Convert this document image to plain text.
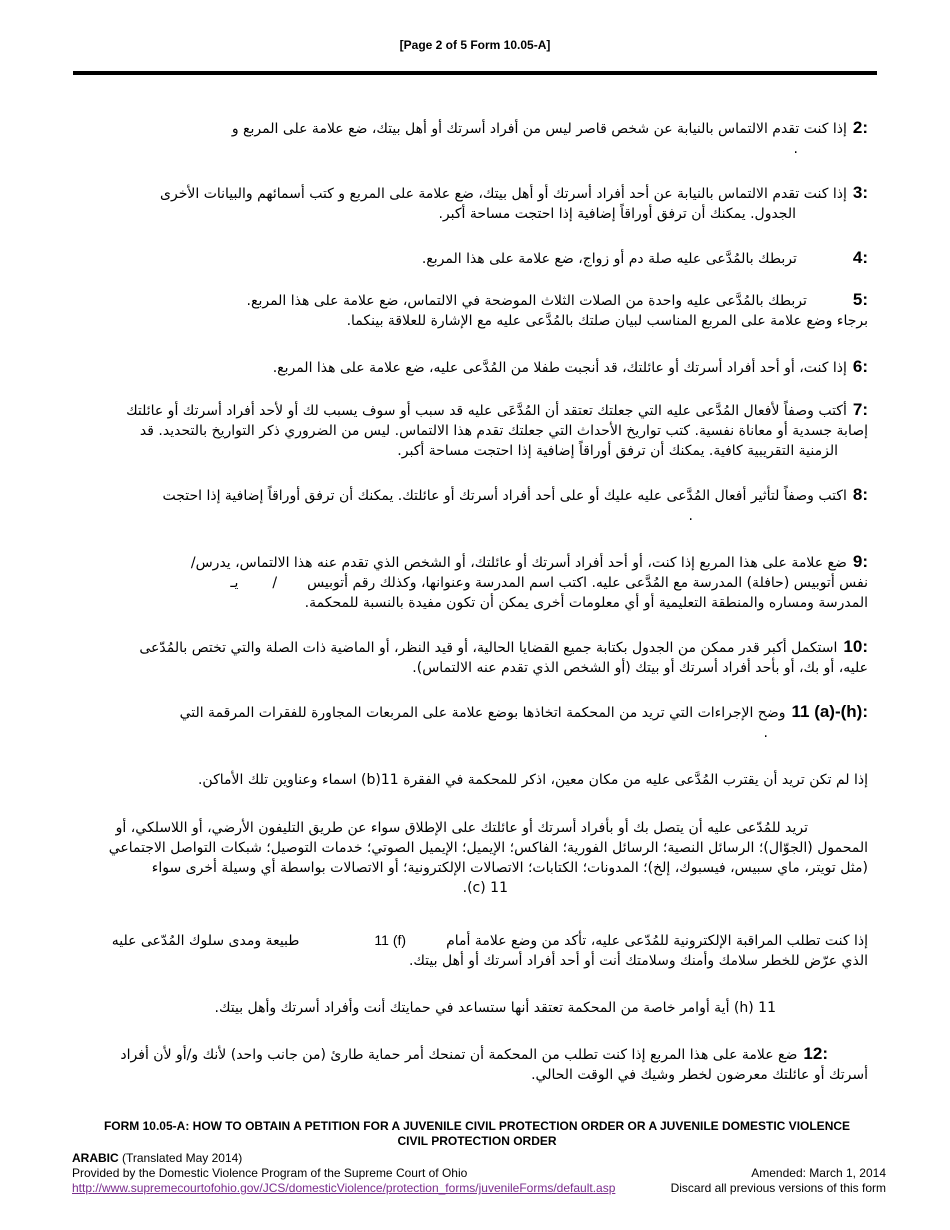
[Page 2 of 5 Form 10.05-A]
:2إذا كنت تقدم الالتماس بالنيابة عن شخص قاصر ليس من أفراد أسرتك أو أهل بيتك، ضع علامة على المربع و
.
:3إذا كنت تقدم الالتماس بالنيابة عن أحد أفراد أسرتك أو أهل بيتك، ضع علامة على المربع و كتب أسمائهم والبيانات الأخرى
الجدول. يمكنك أن ترفق أوراقاً إضافية إذا احتجت مساحة أكبر.
:4تربطك بالمُدَّعى عليه صلة دم أو زواج، ضع علامة على هذا المربع.
:5تربطك بالمُدَّعى عليه واحدة من الصلات الثلاث الموضحة في الالتماس، ضع علامة على هذا المربع.
برجاء وضع علامة على المربع المناسب لبيان صلتك بالمُدَّعى عليه مع الإشارة للعلاقة بينكما.
:6إذا كنت، أو أحد أفراد أسرتك أو عائلتك، قد أنجبت طفلا من المُدَّعى عليه، ضع علامة على هذا المربع.
:7أكتب وصفاً لأفعال المُدَّعى عليه التي جعلتك تعتقد أن المُدَّعَى عليه قد سبب أو سوف يسبب لك أو لأحد أفراد أسرتك أو عائلتك
إصابة جسدية أو معاناة نفسية. كتب تواريخ الأحداث التي جعلتك تقدم هذا الالتماس. ليس من الضروري ذكر التواريخ بالتحديد. قد
الزمنية التقريبية كافية. يمكنك أن ترفق أوراقاً إضافية إذا احتجت مساحة أكبر.
:8اكتب وصفاً لتأثير أفعال المُدَّعى عليه عليك أو على أحد أفراد أسرتك أو عائلتك. يمكنك أن ترفق أوراقاً إضافية إذا احتجت
.
:9ضع علامة على هذا المربع إذا كنت، أو أحد أفراد أسرتك أو عائلتك، أو الشخص الذي تقدم عنه هذا الالتماس، يدرس/
نفس أتوبيس (حافلة) المدرسة مع المُدَّعى عليه. اكتب اسم المدرسة وعنوانها، وكذلك رقم أتوبيس/يـ
المدرسة ومساره والمنطقة التعليمية أو أي معلومات أخرى يمكن أن تكون مفيدة بالنسبة للمحكمة.
:10استكمل أكبر قدر ممكن من الجدول بكتابة جميع القضايا الحالية، أو قيد النظر، أو الماضية ذات الصلة والتي تختص بالمُدّعى
عليه، أو بك، أو بأحد أفراد أسرتك أو بيتك (أو الشخص الذي تقدم عنه الالتماس).
11 (a)-(h):وضح الإجراءات التي تريد من المحكمة اتخاذها بوضع علامة على المربعات المجاورة للفقرات المرقمة التي
.
إذا لم تكن تريد أن يقترب المُدَّعى عليه من مكان معين، اذكر للمحكمة في الفقرة 11(b) اسماء وعناوين تلك الأماكن.
تريد للمُدّعى عليه أن يتصل بك أو بأفراد أسرتك أو عائلتك على الإطلاق سواء عن طريق التليفون الأرضي، أو اللاسلكي، أو
المحمول (الجوّال)؛ الرسائل النصية؛ الرسائل الفورية؛ الفاكس؛ الإيميل؛ الإيميل الصوتي؛ خدمات التوصيل؛ شبكات التواصل الاجتماعي
(مثل تويتر، ماي سبيس، فيسبوك، إلخ)؛ المدونات؛ الكتابات؛ الاتصالات الإلكترونية؛ أو الاتصالات بواسطة أي وسيلة أخرى سواء
11 (c).
إذا كنت تطلب المراقبة الإلكترونية للمُدّعى عليه، تأكد من وضع علامة أمام11 (f)طبيعة ومدى سلوك المُدّعى عليه
الذي عرّض للخطر سلامك وأمنك وسلامتك أنت أو أحد أفراد أسرتك أو أهل بيتك.
11 (h) أية أوامر خاصة من المحكمة تعتقد أنها ستساعد في حمايتك أنت وأفراد أسرتك وأهل بيتك.
:12ضع علامة على هذا المربع إذا كنت تطلب من المحكمة أن تمنحك أمر حماية طارئ (من جانب واحد) لأنك و/أو لأن أفراد
أسرتك أو عائلتك معرضون لخطر وشيك في الوقت الحالي.
FORM 10.05-A: HOW TO OBTAIN A PETITION FOR A JUVENILE CIVIL PROTECTION ORDER OR A JUVENILE DOMESTIC VIOLENCE
CIVIL PROTECTION ORDER
ARABIC (Translated May 2014)
Provided by the Domestic Violence Program of the Supreme Court of Ohio
http://www.supremecourtofohio.gov/JCS/domesticViolence/protection_forms/juvenileForms/default.asp
Amended: March 1, 2014
Discard all previous versions of this form
